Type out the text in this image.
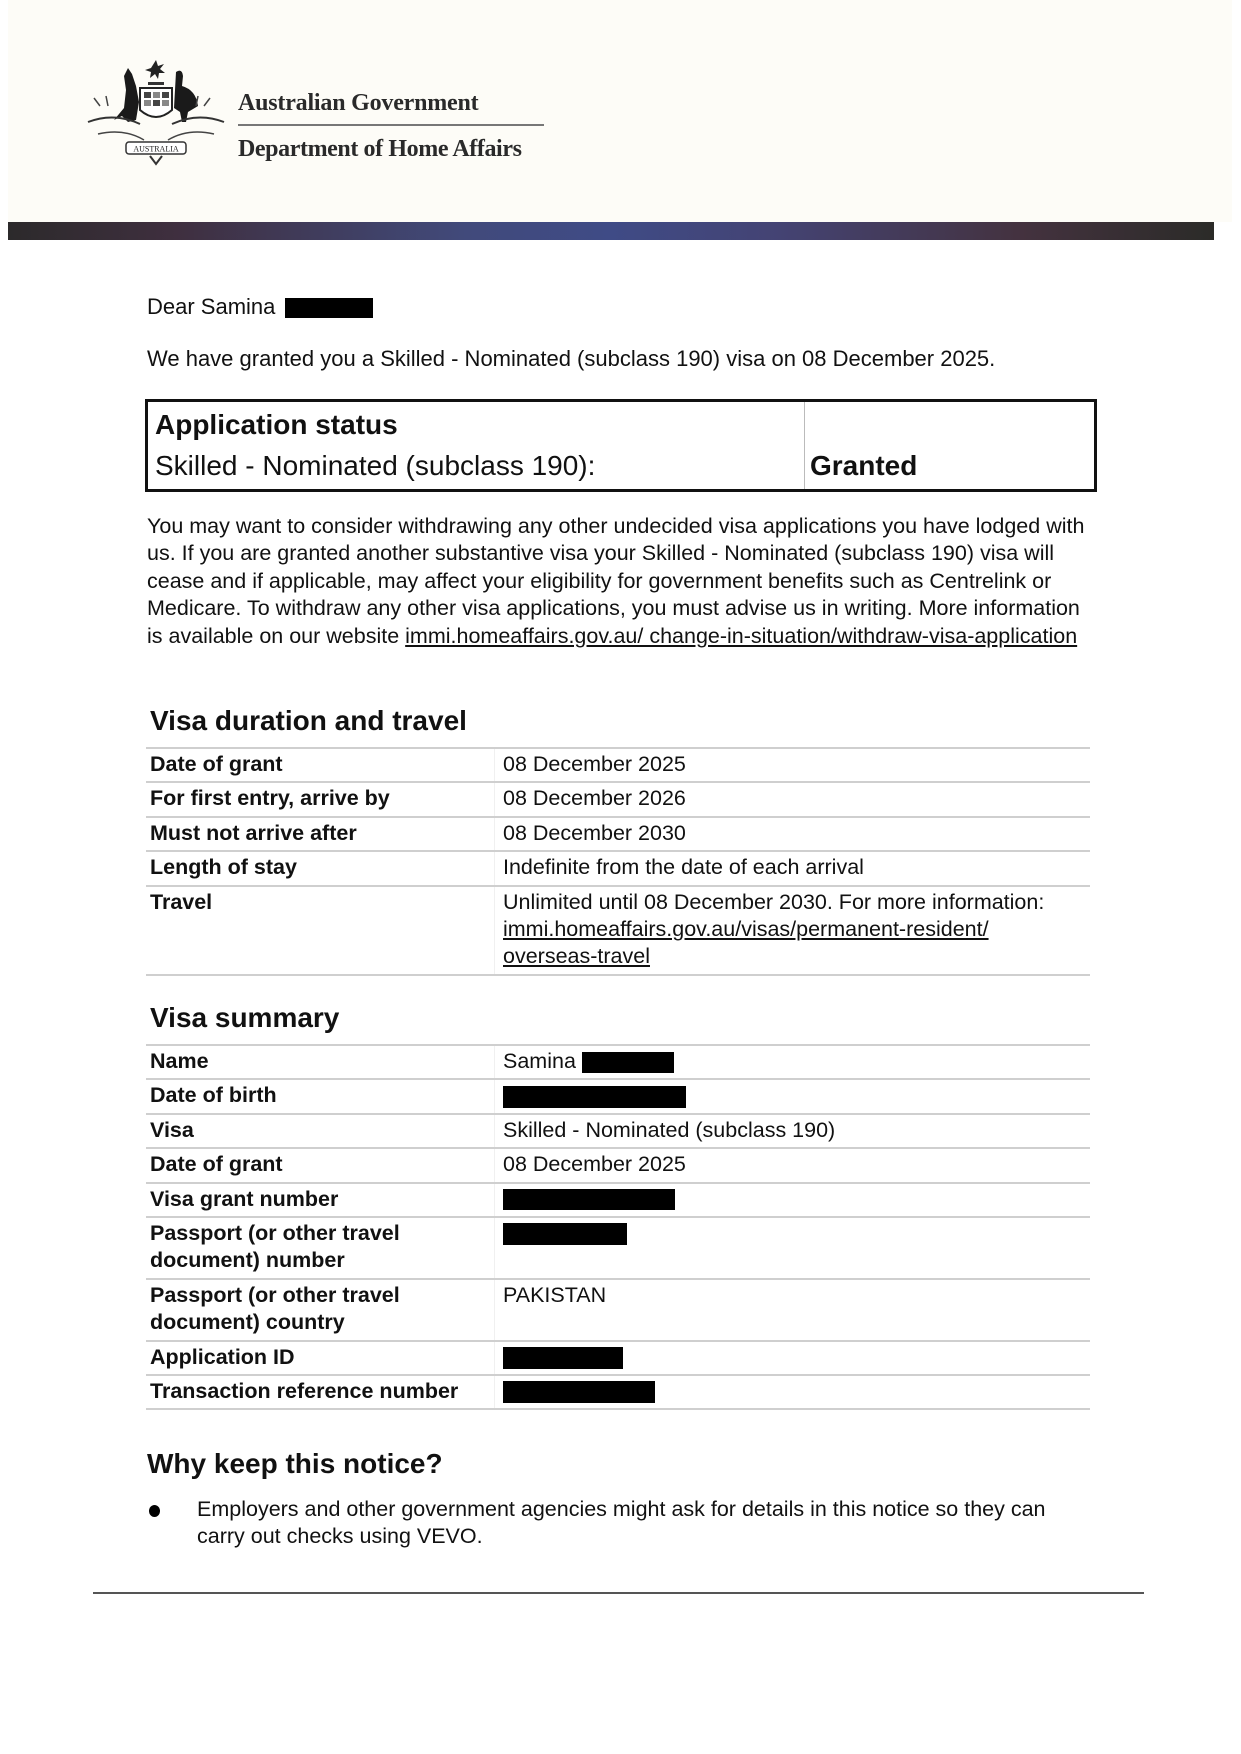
AUSTRALIA
Australian Government
Department of Home Affairs
Dear Samina
We have granted you a Skilled - Nominated (subclass 190) visa on 08 December 2025.
Application status
Skilled - Nominated (subclass 190):	Granted
You may want to consider withdrawing any other undecided visa applications you have lodged with us. If you are granted another substantive visa your Skilled - Nominated (subclass 190) visa will cease and if applicable, may affect your eligibility for government benefits such as Centrelink or Medicare. To withdraw any other visa applications, you must advise us in writing. More information is available on our website immi.homeaffairs.gov.au/ change-in-situation/withdraw-visa-application
Visa duration and travel
Date of grant	08 December 2025
For first entry, arrive by	08 December 2026
Must not arrive after	08 December 2030
Length of stay	Indefinite from the date of each arrival
Travel	Unlimited until 08 December 2030. For more information:
immi.homeaffairs.gov.au/visas/permanent-resident/ overseas-travel
Visa summary
Name	Samina
Date of birth	
Visa	Skilled - Nominated (subclass 190)
Date of grant	08 December 2025
Visa grant number	
Passport (or other travel document) number	
Passport (or other travel document) country	PAKISTAN
Application ID	
Transaction reference number	
Why keep this notice?
Employers and other government agencies might ask for details in this notice so they can carry out checks using VEVO.
